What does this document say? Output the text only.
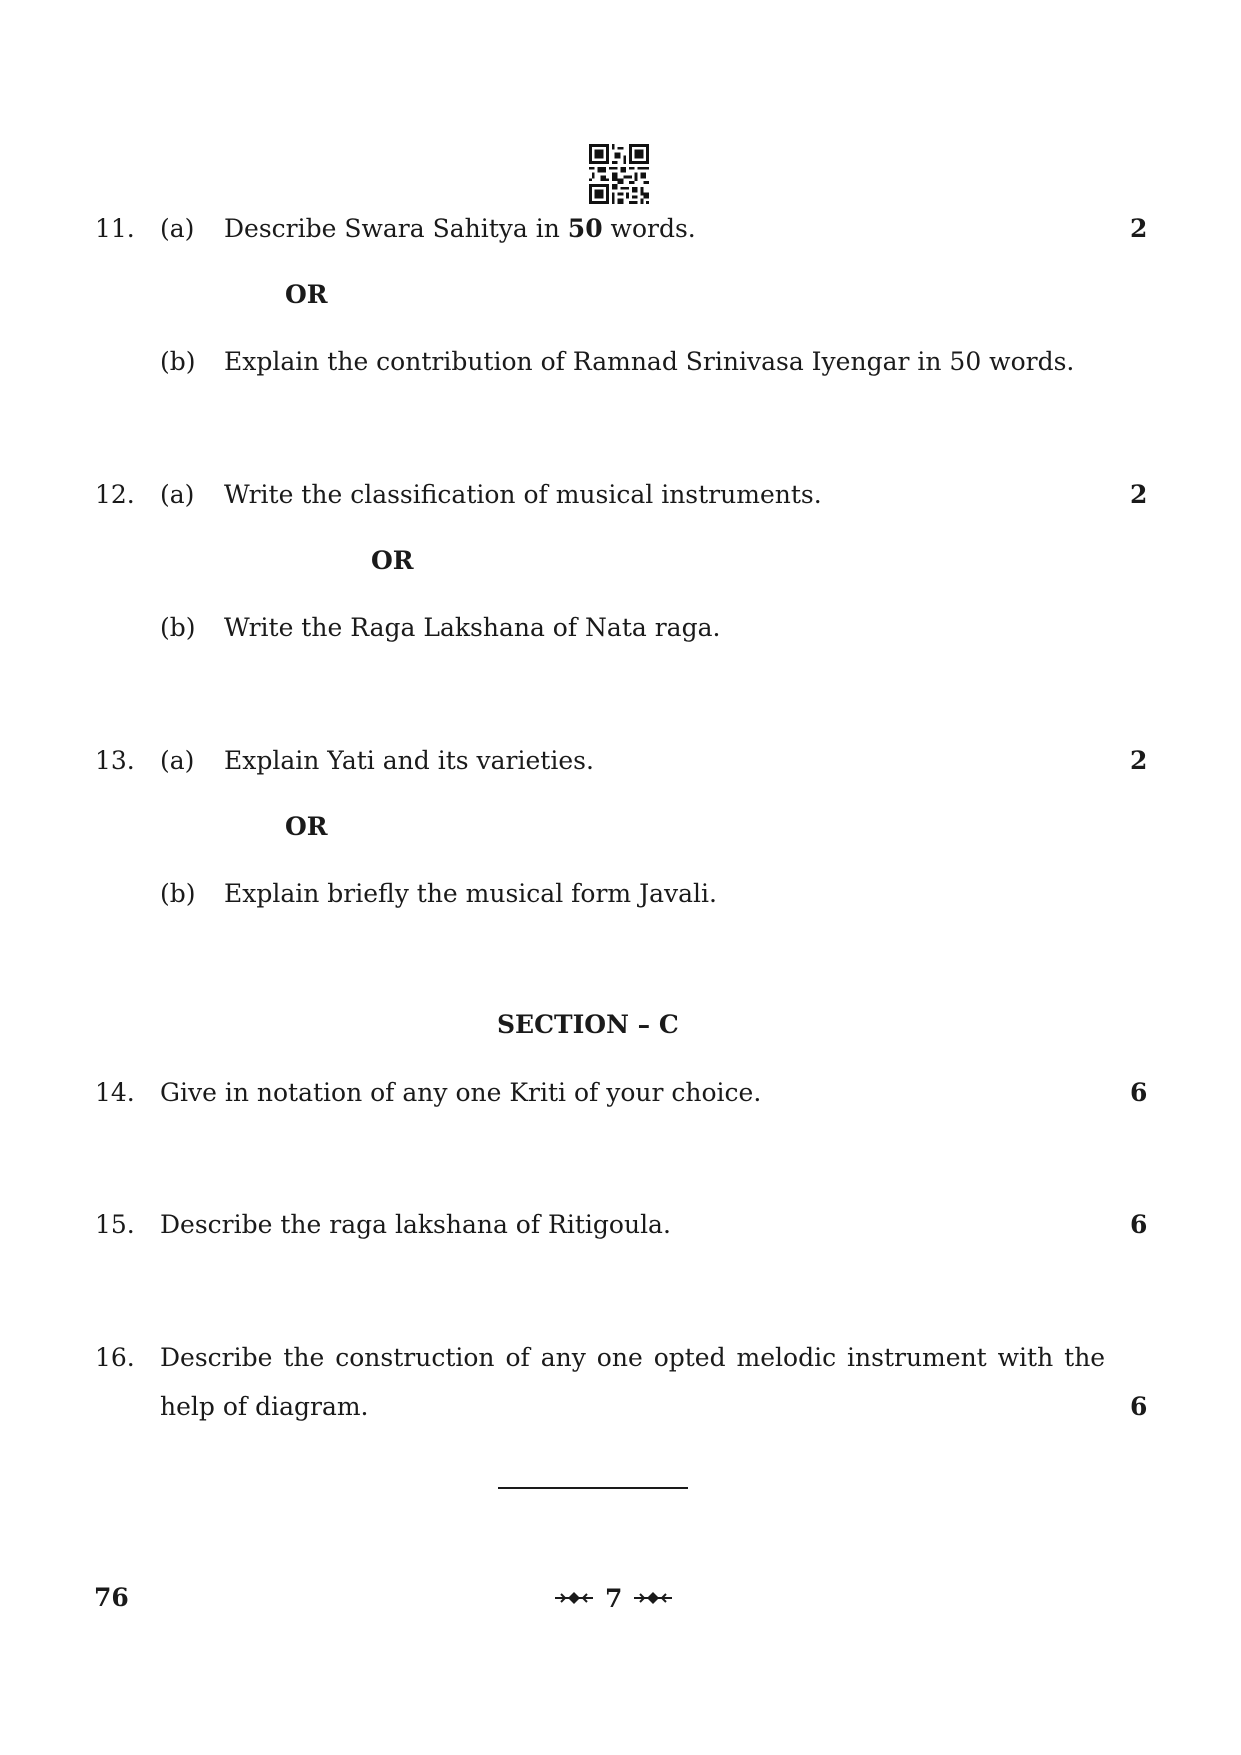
11. (a) Describe Swara Sahitya in 50 words.	2
OR
(b) Explain the contribution of Ramnad Srinivasa Iyengar in 50 words.
12. (a) Write the classification of musical instruments.	2
OR
(b) Write the Raga Lakshana of Nata raga.
13. (a) Explain Yati and its varieties.	2
OR
(b) Explain briefly the musical form Javali.
SECTION – C
14. Give in notation of any one Kriti of your choice.	6
15. Describe the raga lakshana of Ritigoula.	6
16. Describe the construction of any one opted melodic instrument with the
help of diagram.	6
76	7
